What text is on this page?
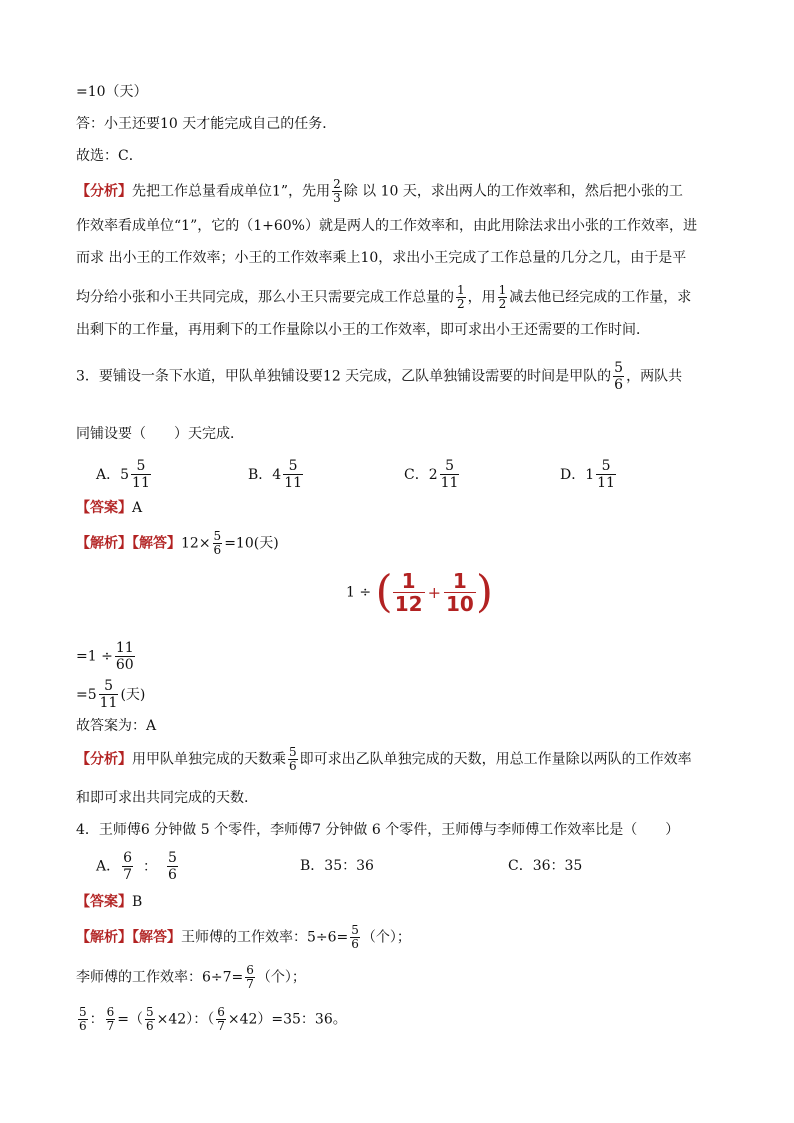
=10（天）
答：小王还要10 天才能完成自己的任务．
故选：C．
【分析】先把工作总量看成单位1”，先用 $\frac{2}{3}$ 除 以 10 天，求出两人的工作效率和，然后把小张的工
作效率看成单位“1”，它的（1+60%）就是两人的工作效率和，由此用除法求出小张的工作效率，进
而求 出小王的工作效率；小王的工作效率乘上10，求出小王完成了工作总量的几分之几，由于是平
均分给小张和小王共同完成，那么小王只需要完成工作总量的 $\frac{1}{2}$ ，用 $\frac{1}{2}$ 减去他已经完成的工作量，求
出剩下的工作量，再用剩下的工作量除以小王的工作效率，即可求出小王还需要的工作时间．
3．要铺设一条下水道，甲队单独铺设要12 天完成，乙队单独铺设需要的时间是甲队的 $\frac{5}{6}$ ，两队共
同铺设要（　　）天完成．
A．$5 \frac{5}{11}$	B．$4 \frac{5}{11}$	C．$2 \frac{5}{11}$	D．$1 \frac{5}{11}$
【答案】A
【解析】【解答】$12\times \frac{5}{6} =10$(天)
1 ÷ ( $\frac{1}{12} + \frac{1}{10}$ )
$=1 \div \frac{11}{60}$
$=5 \frac{5}{11}$ (天)
故答案为：A
【分析】用甲队单独完成的天数乘 $\frac{5}{6}$ 即可求出乙队单独完成的天数，用总工作量除以两队的工作效率
和即可求出共同完成的天数.
4．王师傅6 分钟做 5 个零件，李师傅7 分钟做 6 个零件，王师傅与李师傅工作效率比是（　　）
A． $\frac{6}{7}$ ： $\frac{5}{6}$	B．35：36	C．36：35
【答案】B
【解析】【解答】王师傅的工作效率：$5\div 6= \frac{5}{6}$ （个）；
李师傅的工作效率：$6\div 7= \frac{6}{7}$ （个）；
$\frac{5}{6}$ ： $\frac{6}{7}$ =（ $\frac{5}{6} \times 42$）：（ $\frac{6}{7} \times 42)=35$：36。
